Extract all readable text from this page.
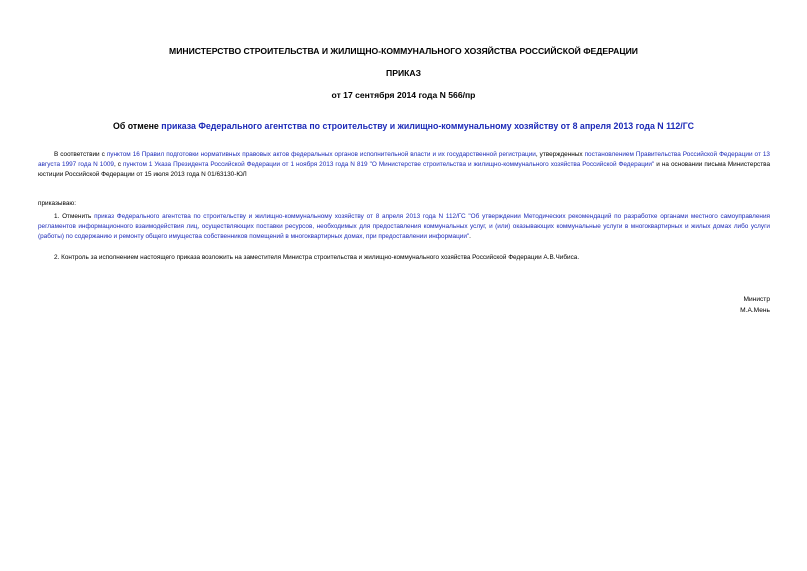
МИНИСТЕРСТВО СТРОИТЕЛЬСТВА И ЖИЛИЩНО-КОММУНАЛЬНОГО ХОЗЯЙСТВА РОССИЙСКОЙ ФЕДЕРАЦИИ
ПРИКАЗ
от 17 сентября 2014 года N 566/пр
Об отмене приказа Федерального агентства по строительству и жилищно-коммунальному хозяйству от 8 апреля 2013 года N 112/ГС
В соответствии с пунктом 16 Правил подготовки нормативных правовых актов федеральных органов исполнительной власти и их государственной регистрации, утвержденных постановлением Правительства Российской Федерации от 13 августа 1997 года N 1009, с пунктом 1 Указа Президента Российской Федерации от 1 ноября 2013 года N 819 "О Министерстве строительства и жилищно-коммунального хозяйства Российской Федерации" и на основании письма Министерства юстиции Российской Федерации от 15 июля 2013 года N 01/63130-ЮЛ
приказываю:
1. Отменить приказ Федерального агентства по строительству и жилищно-коммунальному хозяйству от 8 апреля 2013 года N 112/ГС "Об утверждении Методических рекомендаций по разработке органами местного самоуправления регламентов информационного взаимодействия лиц, осуществляющих поставки ресурсов, необходимых для предоставления коммунальных услуг, и (или) оказывающих коммунальные услуги в многоквартирных и жилых домах либо услуги (работы) по содержанию и ремонту общего имущества собственников помещений в многоквартирных домах, при предоставлении информации".
2. Контроль за исполнением настоящего приказа возложить на заместителя Министра строительства и жилищно-коммунального хозяйства Российской Федерации А.В.Чибиса.
Министр
М.А.Мень
